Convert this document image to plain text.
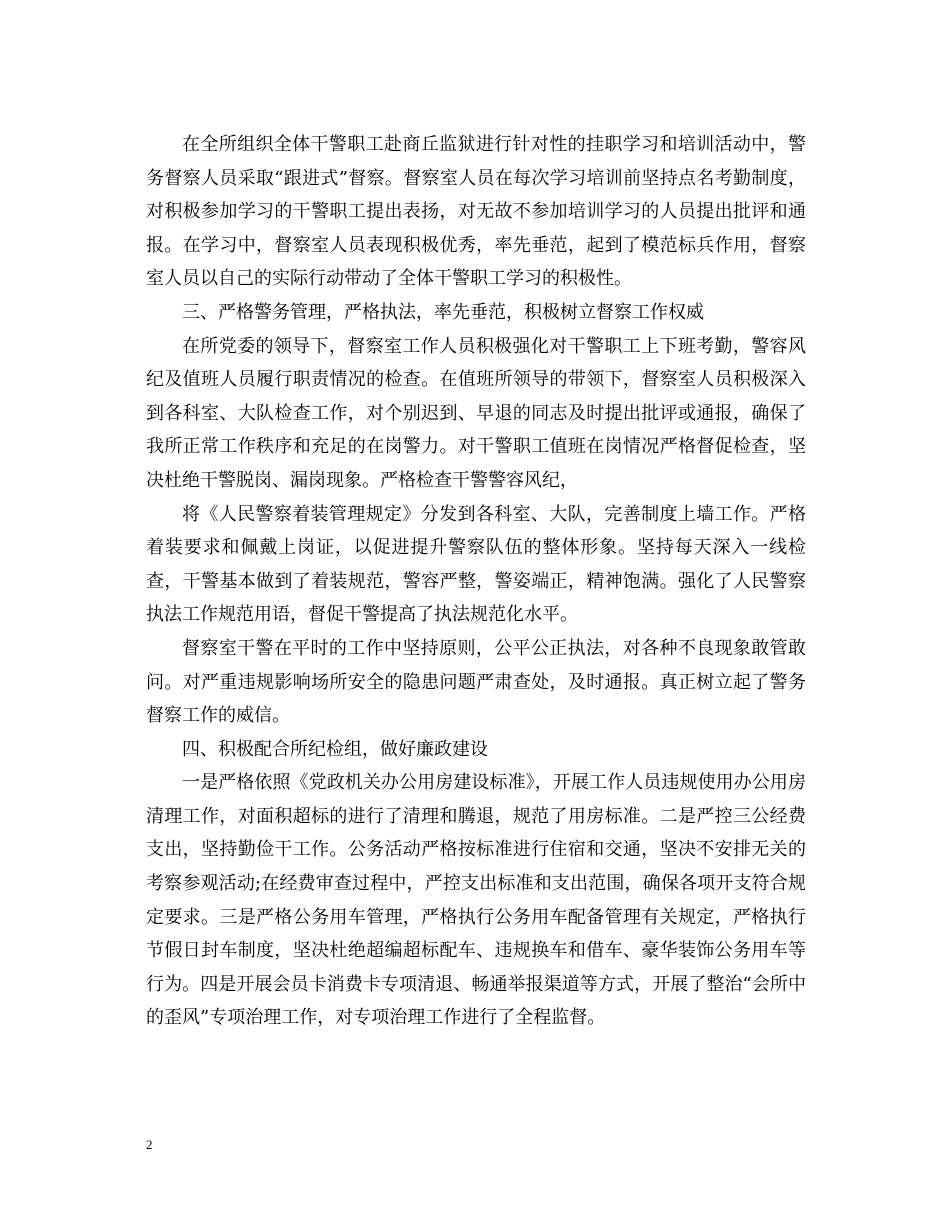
在全所组织全体干警职工赴商丘监狱进行针对性的挂职学习和培训活动中，警务督察人员采取“跟进式”督察。督察室人员在每次学习培训前坚持点名考勤制度，对积极参加学习的干警职工提出表扬，对无故不参加培训学习的人员提出批评和通报。在学习中，督察室人员表现积极优秀，率先垂范，起到了模范标兵作用，督察室人员以自己的实际行动带动了全体干警职工学习的积极性。

三、严格警务管理，严格执法，率先垂范，积极树立督察工作权威

在所党委的领导下，督察室工作人员积极强化对干警职工上下班考勤，警容风纪及值班人员履行职责情况的检查。在值班所领导的带领下，督察室人员积极深入到各科室、大队检查工作，对个别迟到、早退的同志及时提出批评或通报，确保了我所正常工作秩序和充足的在岗警力。对干警职工值班在岗情况严格督促检查，坚决杜绝干警脱岗、漏岗现象。严格检查干警警容风纪，

将《人民警察着装管理规定》分发到各科室、大队，完善制度上墙工作。严格着装要求和佩戴上岗证，以促进提升警察队伍的整体形象。坚持每天深入一线检查，干警基本做到了着装规范，警容严整，警姿端正，精神饱满。强化了人民警察执法工作规范用语，督促干警提高了执法规范化水平。

督察室干警在平时的工作中坚持原则，公平公正执法，对各种不良现象敢管敢问。对严重违规影响场所安全的隐患问题严肃查处，及时通报。真正树立起了警务督察工作的威信。

四、积极配合所纪检组，做好廉政建设

一是严格依照《党政机关办公用房建设标准》，开展工作人员违规使用办公用房清理工作，对面积超标的进行了清理和腾退，规范了用房标准。二是严控三公经费支出，坚持勤俭干工作。公务活动严格按标准进行住宿和交通，坚决不安排无关的考察参观活动;在经费审查过程中，严控支出标准和支出范围，确保各项开支符合规定要求。三是严格公务用车管理，严格执行公务用车配备管理有关规定，严格执行节假日封车制度，坚决杜绝超编超标配车、违规换车和借车、豪华装饰公务用车等行为。四是开展会员卡消费卡专项清退、畅通举报渠道等方式，开展了整治“会所中的歪风”专项治理工作，对专项治理工作进行了全程监督。

2
